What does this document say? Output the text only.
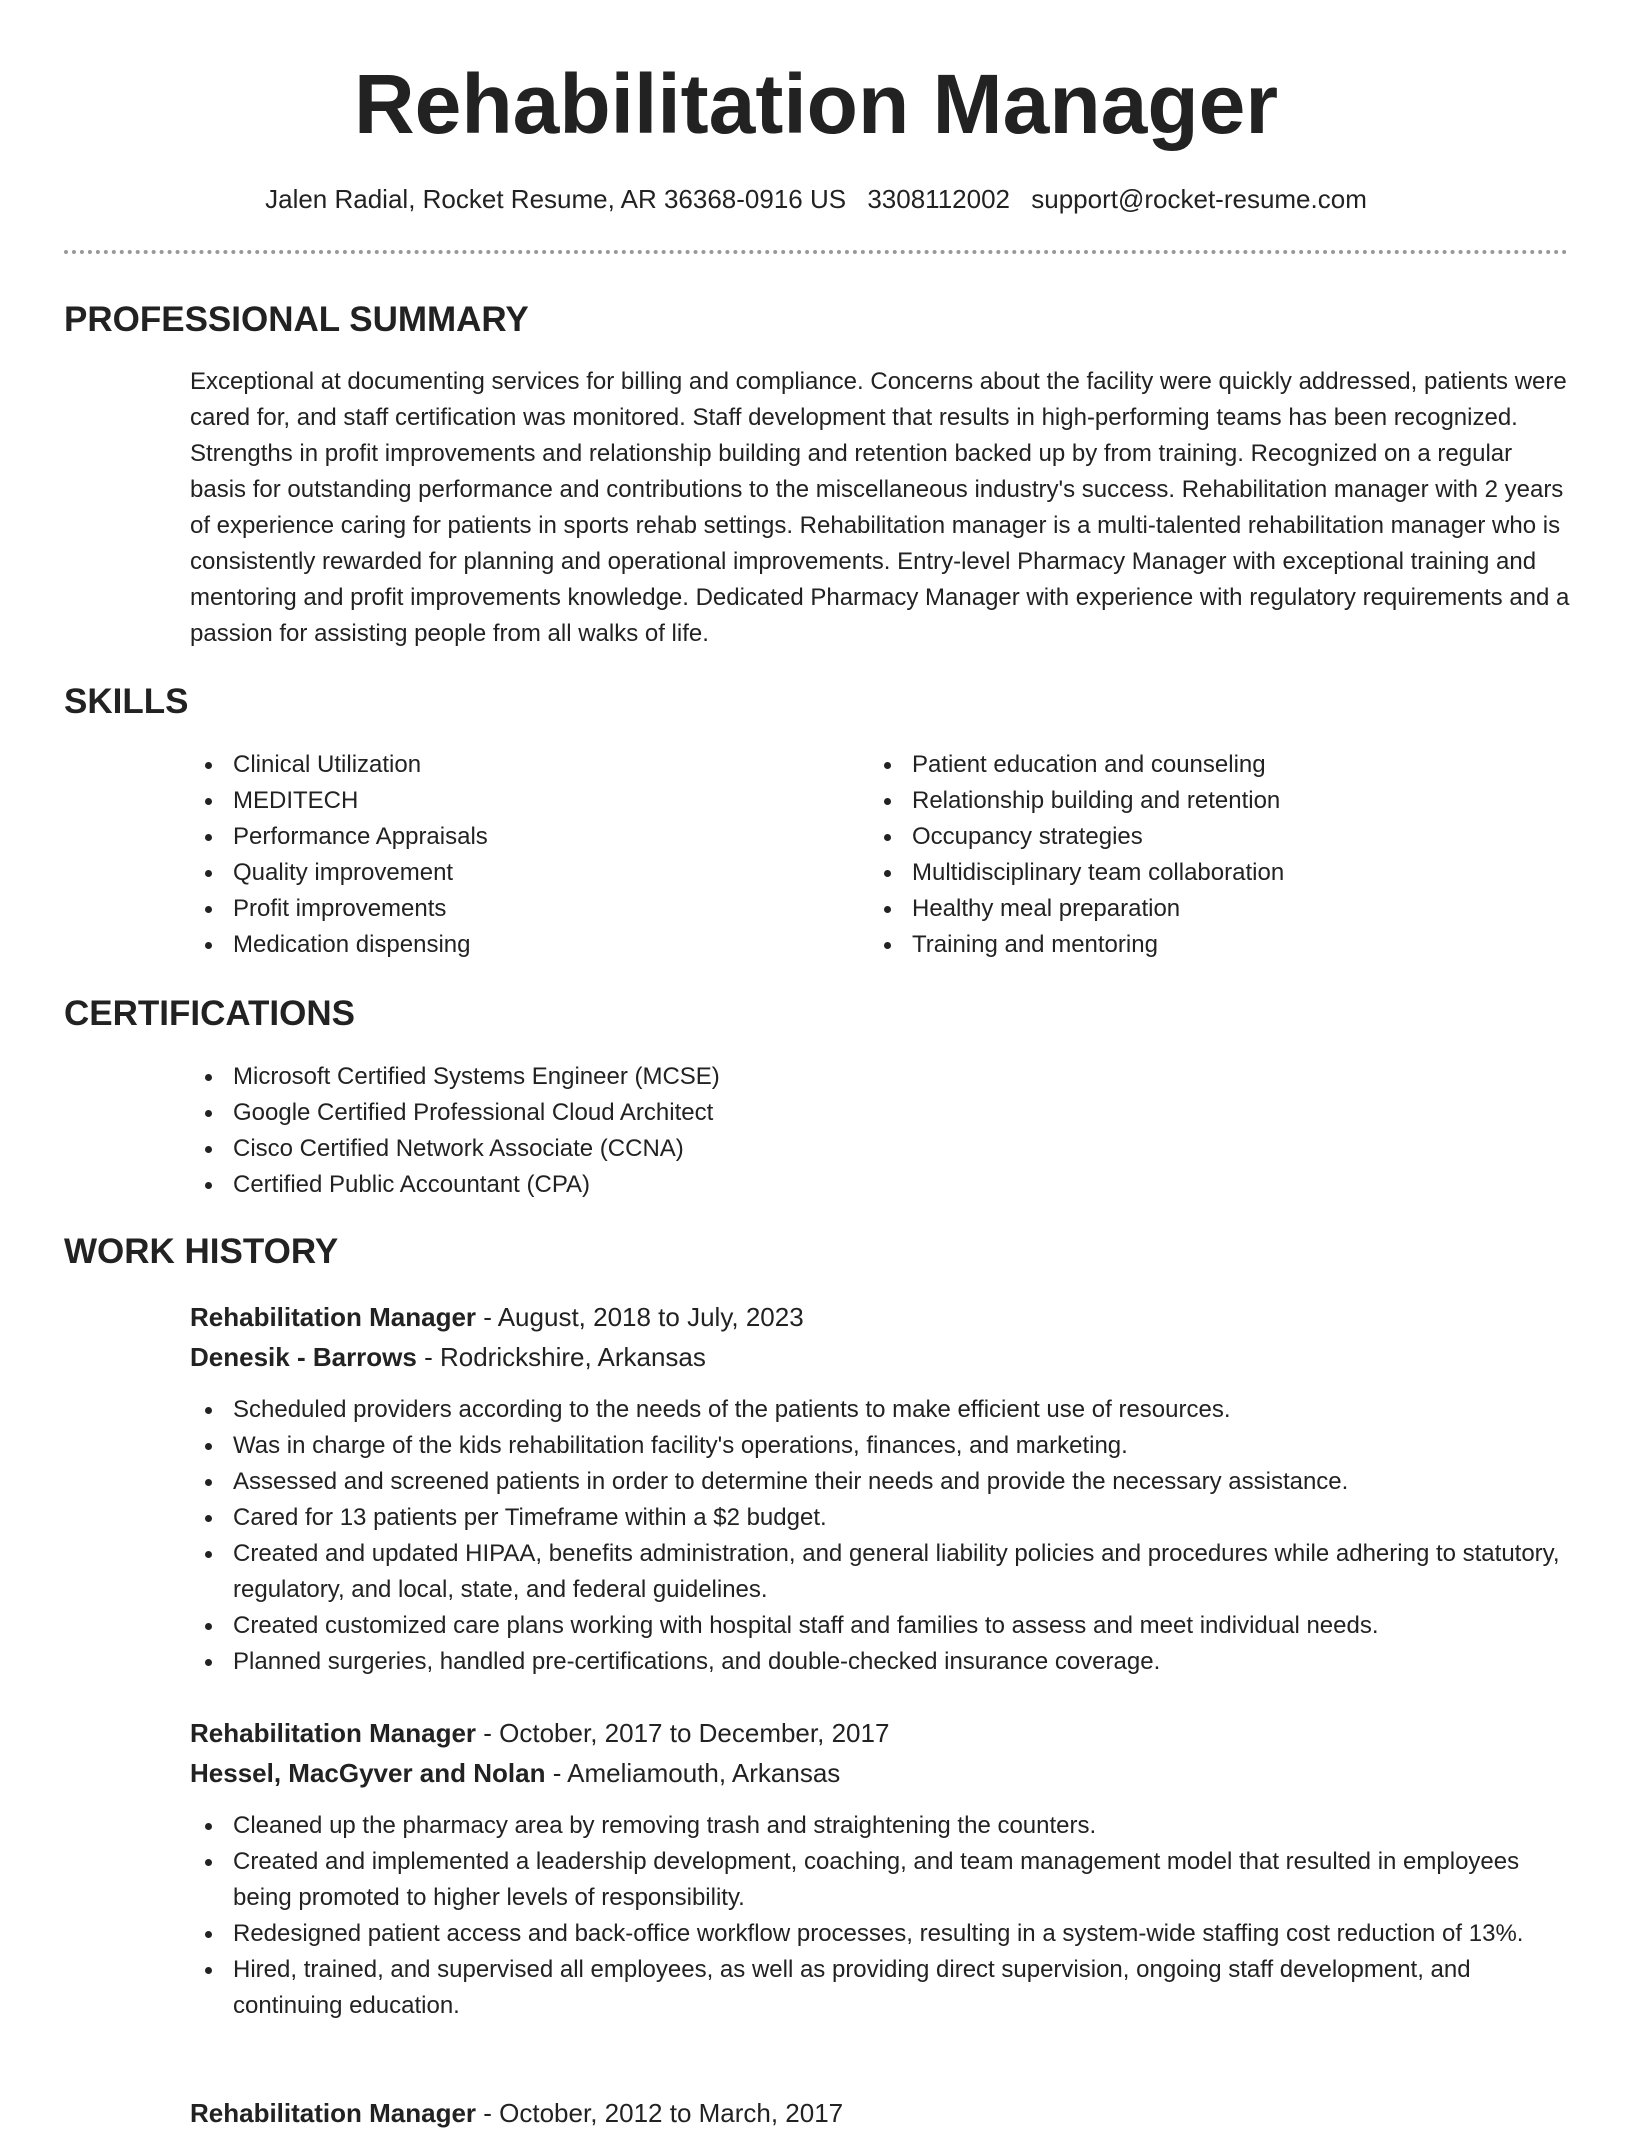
Rehabilitation Manager
Jalen Radial, Rocket Resume, AR 36368-0916 US 3308112002 support@rocket-resume.com
PROFESSIONAL SUMMARY

Exceptional at documenting services for billing and compliance. Concerns about the facility were quickly addressed, patients were cared for, and staff certification was monitored. Staff development that results in high-performing teams has been recognized. Strengths in profit improvements and relationship building and retention backed up by from training. Recognized on a regular basis for outstanding performance and contributions to the miscellaneous industry's success. Rehabilitation manager with 2 years of experience caring for patients in sports rehab settings. Rehabilitation manager is a multi-talented rehabilitation manager who is consistently rewarded for planning and operational improvements. Entry-level Pharmacy Manager with exceptional training and mentoring and profit improvements knowledge. Dedicated Pharmacy Manager with experience with regulatory requirements and a passion for assisting people from all walks of life.

SKILLS
Clinical Utilization
MEDITECH
Performance Appraisals
Quality improvement
Profit improvements
Medication dispensing
Patient education and counseling
Relationship building and retention
Occupancy strategies
Multidisciplinary team collaboration
Healthy meal preparation
Training and mentoring
CERTIFICATIONS
Microsoft Certified Systems Engineer (MCSE)
Google Certified Professional Cloud Architect
Cisco Certified Network Associate (CCNA)
Certified Public Accountant (CPA)
WORK HISTORY
Rehabilitation Manager - August, 2018 to July, 2023
Denesik - Barrows - Rodrickshire, Arkansas
Scheduled providers according to the needs of the patients to make efficient use of resources.
Was in charge of the kids rehabilitation facility's operations, finances, and marketing.
Assessed and screened patients in order to determine their needs and provide the necessary assistance.
Cared for 13 patients per Timeframe within a $2 budget.
Created and updated HIPAA, benefits administration, and general liability policies and procedures while adhering to statutory, regulatory, and local, state, and federal guidelines.
Created customized care plans working with hospital staff and families to assess and meet individual needs.
Planned surgeries, handled pre-certifications, and double-checked insurance coverage.
Rehabilitation Manager - October, 2017 to December, 2017
Hessel, MacGyver and Nolan - Ameliamouth, Arkansas
Cleaned up the pharmacy area by removing trash and straightening the counters.
Created and implemented a leadership development, coaching, and team management model that resulted in employees being promoted to higher levels of responsibility.
Redesigned patient access and back-office workflow processes, resulting in a system-wide staffing cost reduction of 13%.
Hired, trained, and supervised all employees, as well as providing direct supervision, ongoing staff development, and continuing education.
Rehabilitation Manager - October, 2012 to March, 2017
